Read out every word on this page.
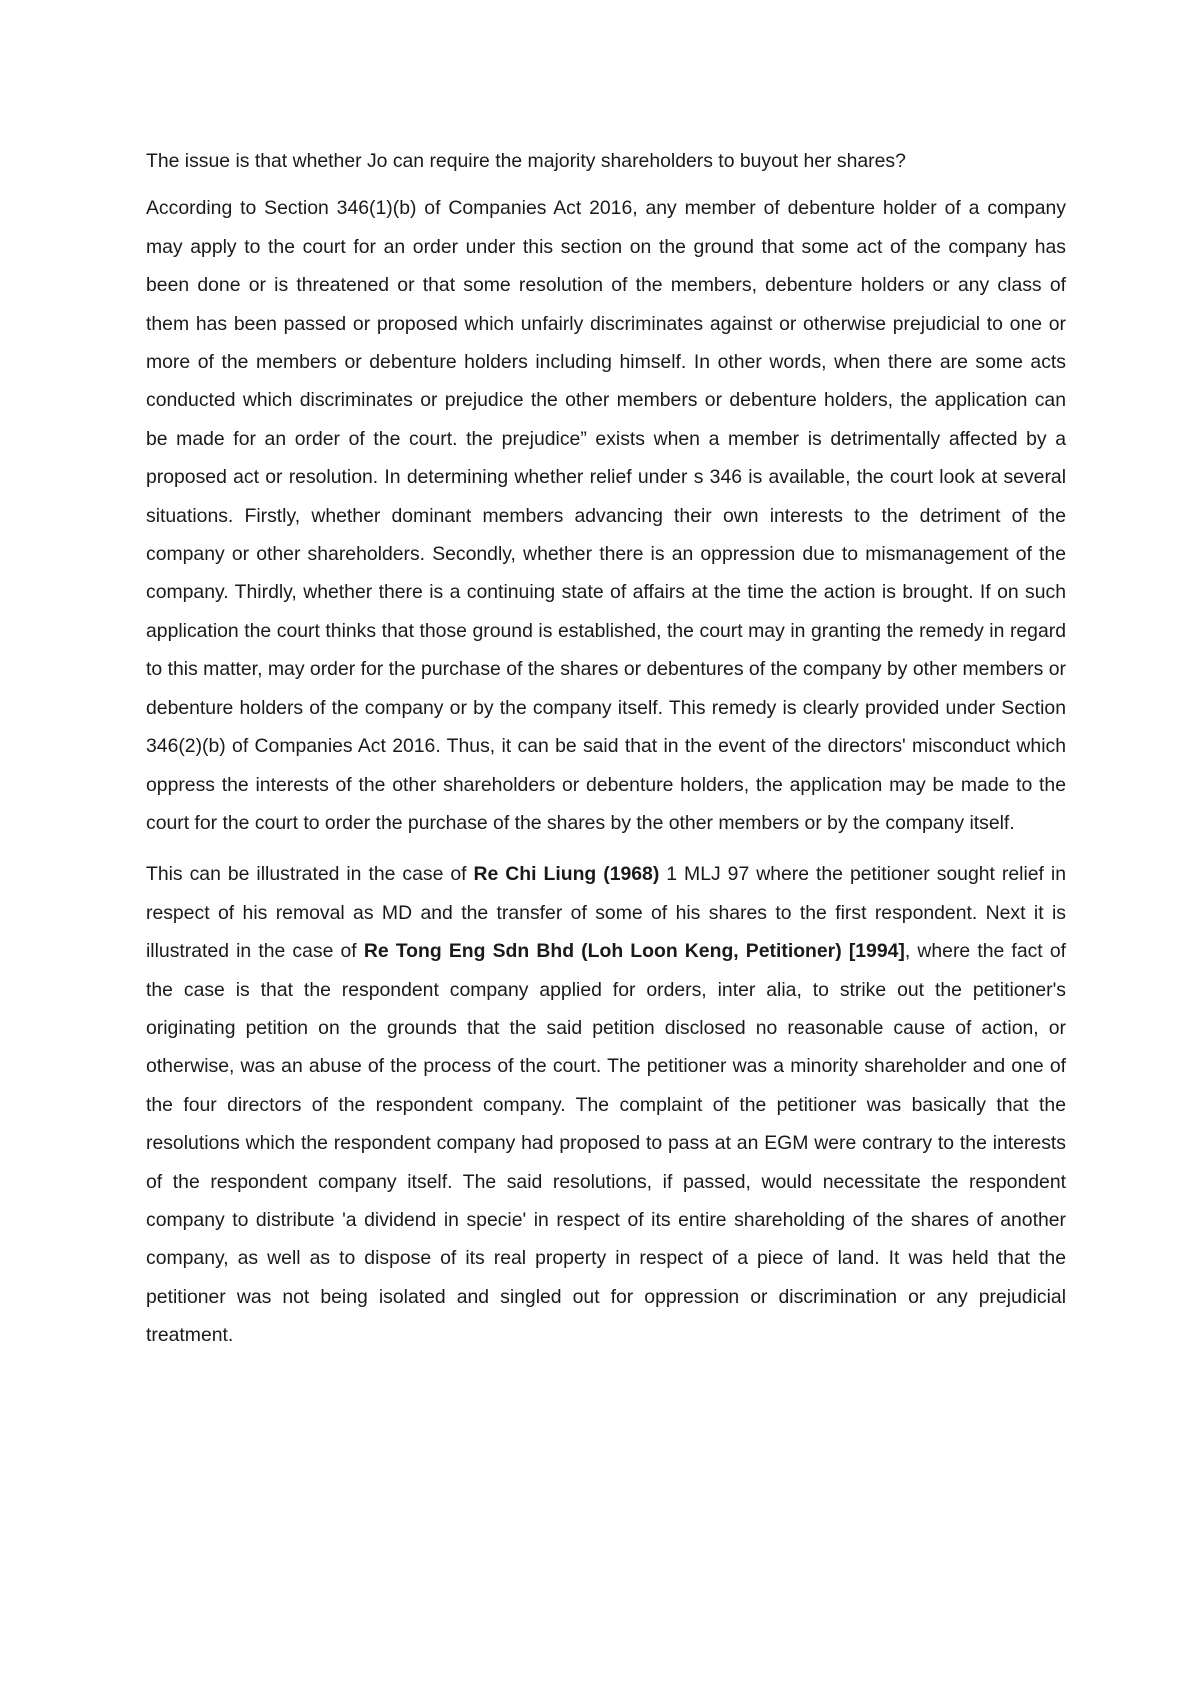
The issue is that whether Jo can require the majority shareholders to buyout her shares?

According to Section 346(1)(b) of Companies Act 2016, any member of debenture holder of a company may apply to the court for an order under this section on the ground that some act of the company has been done or is threatened or that some resolution of the members, debenture holders or any class of them has been passed or proposed which unfairly discriminates against or otherwise prejudicial to one or more of the members or debenture holders including himself. In other words, when there are some acts conducted which discriminates or prejudice the other members or debenture holders, the application can be made for an order of the court. the prejudice” exists when a member is detrimentally affected by a proposed act or resolution. In determining whether relief under s 346 is available, the court look at several situations. Firstly, whether dominant members advancing their own interests to the detriment of the company or other shareholders. Secondly, whether there is an oppression due to mismanagement of the company. Thirdly, whether there is a continuing state of affairs at the time the action is brought. If on such application the court thinks that those ground is established, the court may in granting the remedy in regard to this matter, may order for the purchase of the shares or debentures of the company by other members or debenture holders of the company or by the company itself. This remedy is clearly provided under Section 346(2)(b) of Companies Act 2016. Thus, it can be said that in the event of the directors' misconduct which oppress the interests of the other shareholders or debenture holders, the application may be made to the court for the court to order the purchase of the shares by the other members or by the company itself.

This can be illustrated in the case of Re Chi Liung (1968) 1 MLJ 97 where the petitioner sought relief in respect of his removal as MD and the transfer of some of his shares to the first respondent. Next it is illustrated in the case of Re Tong Eng Sdn Bhd (Loh Loon Keng, Petitioner) [1994], where the fact of the case is that the respondent company applied for orders, inter alia, to strike out the petitioner's originating petition on the grounds that the said petition disclosed no reasonable cause of action, or otherwise, was an abuse of the process of the court. The petitioner was a minority shareholder and one of the four directors of the respondent company. The complaint of the petitioner was basically that the resolutions which the respondent company had proposed to pass at an EGM were contrary to the interests of the respondent company itself. The said resolutions, if passed, would necessitate the respondent company to distribute 'a dividend in specie' in respect of its entire shareholding of the shares of another company, as well as to dispose of its real property in respect of a piece of land. It was held that the petitioner was not being isolated and singled out for oppression or discrimination or any prejudicial treatment.
